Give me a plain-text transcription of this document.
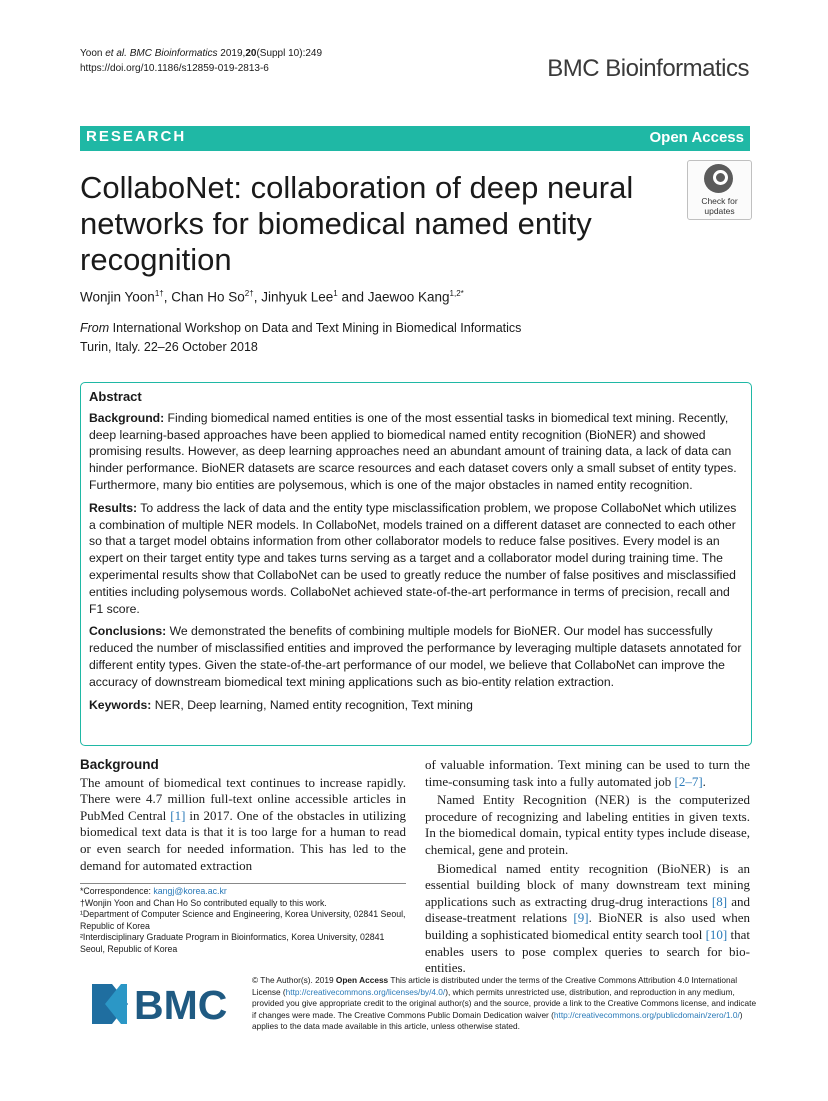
Yoon et al. BMC Bioinformatics 2019,20(Suppl 10):249
https://doi.org/10.1186/s12859-019-2813-6	BMC Bioinformatics
RESEARCH	Open Access
CollaboNet: collaboration of deep neural networks for biomedical named entity recognition
Check for
updates
Wonjin Yoon$^{1\dagger}$, Chan Ho $So^{2\dagger}$, Jinhyuk Lee$^1$ and Jaewoo Kang$^{1,2*}$
From International Workshop on Data and Text Mining in Biomedical Informatics
Turin, Italy. 22–26 October 2018
Abstract

Background: Finding biomedical named entities is one of the most essential tasks in biomedical text mining. Recently, deep learning-based approaches have been applied to biomedical named entity recognition (BioNER) and showed promising results. However, as deep learning approaches need an abundant amount of training data, a lack of data can hinder performance. BioNER datasets are scarce resources and each dataset covers only a small subset of entity types. Furthermore, many bio entities are polysemous, which is one of the major obstacles in named entity recognition.

Results: To address the lack of data and the entity type misclassification problem, we propose CollaboNet which utilizes a combination of multiple NER models. In CollaboNet, models trained on a different dataset are connected to each other so that a target model obtains information from other collaborator models to reduce false positives. Every model is an expert on their target entity type and takes turns serving as a target and a collaborator model during training time. The experimental results show that CollaboNet can be used to greatly reduce the number of false positives and misclassified entities including polysemous words. CollaboNet achieved state-of-the-art performance in terms of precision, recall and F1 score.

Conclusions: We demonstrated the benefits of combining multiple models for BioNER. Our model has successfully reduced the number of misclassified entities and improved the performance by leveraging multiple datasets annotated for different entity types. Given the state-of-the-art performance of our model, we believe that CollaboNet can improve the accuracy of downstream biomedical text mining applications such as bio-entity relation extraction.

Keywords: NER, Deep learning, Named entity recognition, Text mining

Background

The amount of biomedical text continues to increase rapidly. There were 4.7 million full-text online accessible articles in PubMed Central [1] in 2017. One of the obstacles in utilizing biomedical text data is that it is too large for a human to read or even search for needed information. This has led to the demand for automated extraction

of valuable information. Text mining can be used to turn the time-consuming task into a fully automated job [2–7].

Named Entity Recognition (NER) is the computerized procedure of recognizing and labeling entities in given texts. In the biomedical domain, typical entity types include disease, chemical, gene and protein.

Biomedical named entity recognition (BioNER) is an essential building block of many downstream text mining applications such as extracting drug-drug interactions [8] and disease-treatment relations [9]. BioNER is also used when building a sophisticated biomedical entity search tool [10] that enables users to pose complex queries to search for bio-entities.

*Correspondence: kangj@korea.ac.kr

†Wonjin Yoon and Chan Ho So contributed equally to this work.

¹Department of Computer Science and Engineering, Korea University, 02841 Seoul, Republic of Korea

²Interdisciplinary Graduate Program in Bioinformatics, Korea University, 02841 Seoul, Republic of Korea

BMC
© The Author(s). 2019 Open Access This article is distributed under the terms of the Creative Commons Attribution 4.0 International License (http://creativecommons.org/licenses/by/4.0/), which permits unrestricted use, distribution, and reproduction in any medium, provided you give appropriate credit to the original author(s) and the source, provide a link to the Creative Commons license, and indicate if changes were made. The Creative Commons Public Domain Dedication waiver (http://creativecommons.org/publicdomain/zero/1.0/) applies to the data made available in this article, unless otherwise stated.
